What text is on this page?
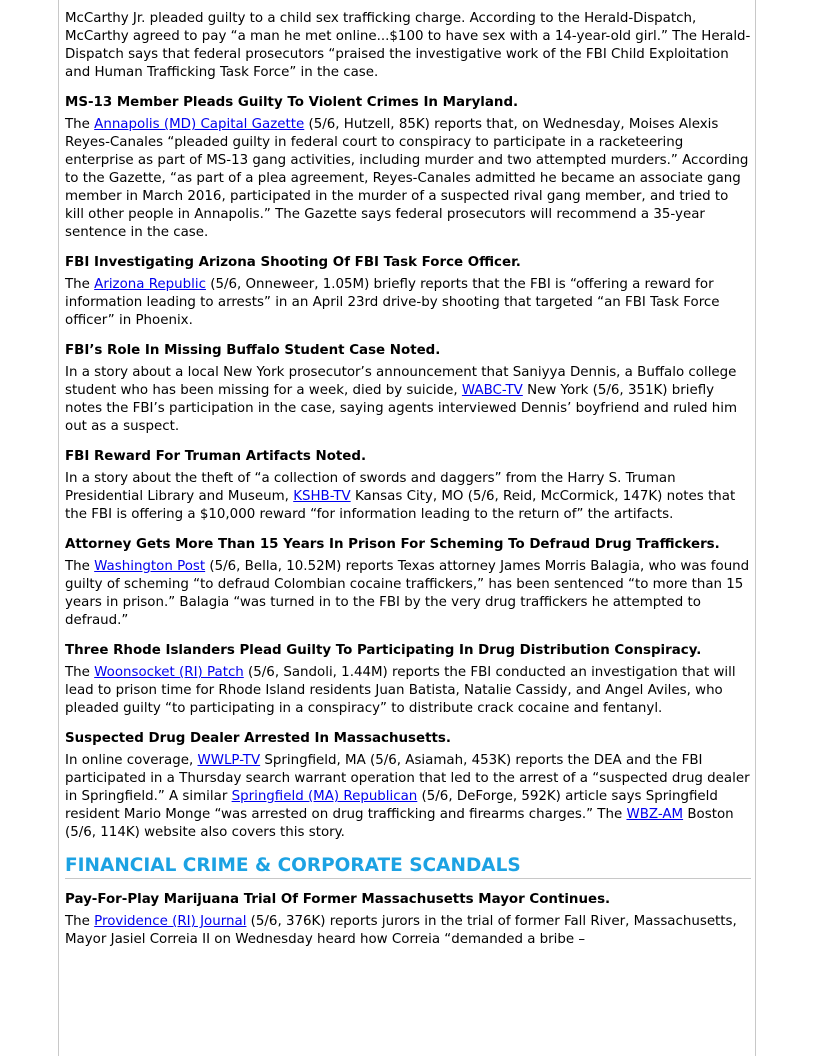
McCarthy Jr. pleaded guilty to a child sex trafficking charge. According to the Herald-Dispatch, McCarthy agreed to pay “a man he met online...$100 to have sex with a 14-year-old girl.” The Herald-Dispatch says that federal prosecutors “praised the investigative work of the FBI Child Exploitation and Human Trafficking Task Force” in the case.

MS-13 Member Pleads Guilty To Violent Crimes In Maryland.

The Annapolis (MD) Capital Gazette (5/6, Hutzell, 85K) reports that, on Wednesday, Moises Alexis Reyes-Canales “pleaded guilty in federal court to conspiracy to participate in a racketeering enterprise as part of MS-13 gang activities, including murder and two attempted murders.” According to the Gazette, “as part of a plea agreement, Reyes-Canales admitted he became an associate gang member in March 2016, participated in the murder of a suspected rival gang member, and tried to kill other people in Annapolis.” The Gazette says federal prosecutors will recommend a 35-year sentence in the case.

FBI Investigating Arizona Shooting Of FBI Task Force Officer.

The Arizona Republic (5/6, Onneweer, 1.05M) briefly reports that the FBI is “offering a reward for information leading to arrests” in an April 23rd drive-by shooting that targeted “an FBI Task Force officer” in Phoenix.

FBI’s Role In Missing Buffalo Student Case Noted.

In a story about a local New York prosecutor’s announcement that Saniyya Dennis, a Buffalo college student who has been missing for a week, died by suicide, WABC-TV New York (5/6, 351K) briefly notes the FBI’s participation in the case, saying agents interviewed Dennis’ boyfriend and ruled him out as a suspect.

FBI Reward For Truman Artifacts Noted.

In a story about the theft of “a collection of swords and daggers” from the Harry S. Truman Presidential Library and Museum, KSHB-TV Kansas City, MO (5/6, Reid, McCormick, 147K) notes that the FBI is offering a $10,000 reward “for information leading to the return of” the artifacts.

Attorney Gets More Than 15 Years In Prison For Scheming To Defraud Drug Traffickers.

The Washington Post (5/6, Bella, 10.52M) reports Texas attorney James Morris Balagia, who was found guilty of scheming “to defraud Colombian cocaine traffickers,” has been sentenced “to more than 15 years in prison.” Balagia “was turned in to the FBI by the very drug traffickers he attempted to defraud.”

Three Rhode Islanders Plead Guilty To Participating In Drug Distribution Conspiracy.

The Woonsocket (RI) Patch (5/6, Sandoli, 1.44M) reports the FBI conducted an investigation that will lead to prison time for Rhode Island residents Juan Batista, Natalie Cassidy, and Angel Aviles, who pleaded guilty “to participating in a conspiracy” to distribute crack cocaine and fentanyl.

Suspected Drug Dealer Arrested In Massachusetts.

In online coverage, WWLP-TV Springfield, MA (5/6, Asiamah, 453K) reports the DEA and the FBI participated in a Thursday search warrant operation that led to the arrest of a “suspected drug dealer in Springfield.” A similar Springfield (MA) Republican (5/6, DeForge, 592K) article says Springfield resident Mario Monge “was arrested on drug trafficking and firearms charges.” The WBZ-AM Boston (5/6, 114K) website also covers this story.

FINANCIAL CRIME & CORPORATE SCANDALS
Pay-For-Play Marijuana Trial Of Former Massachusetts Mayor Continues.

The Providence (RI) Journal (5/6, 376K) reports jurors in the trial of former Fall River, Massachusetts, Mayor Jasiel Correia II on Wednesday heard how Correia “demanded a bribe –
